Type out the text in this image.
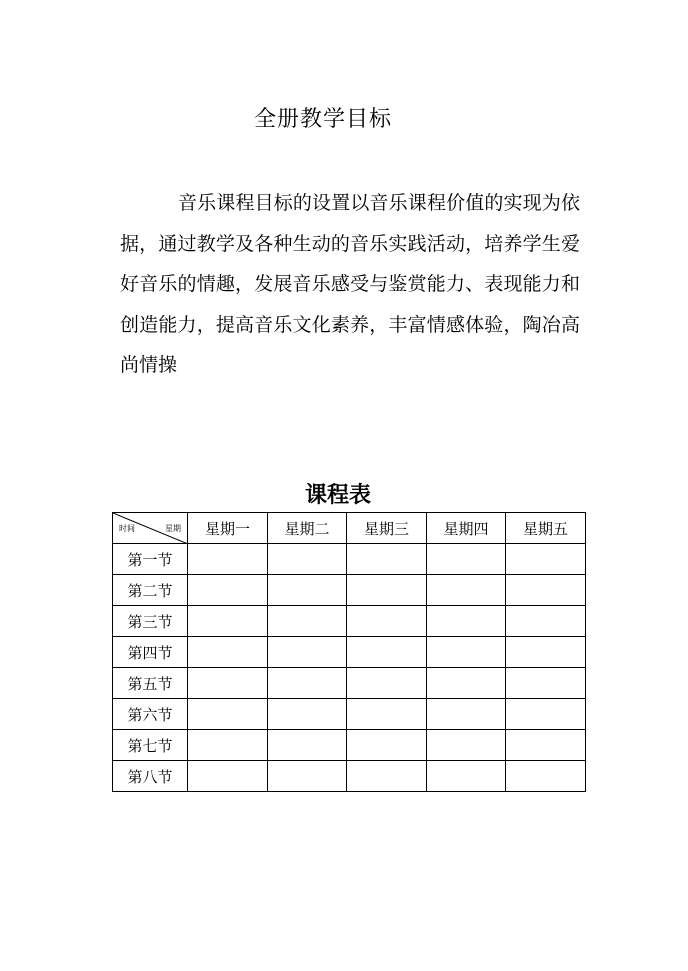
全册教学目标

音乐课程目标的设置以音乐课程价值的实现为依据，通过教学及各种生动的音乐实践活动，培养学生爱好音乐的情趣，发展音乐感受与鉴赏能力、表现能力和创造能力，提高音乐文化素养，丰富情感体验，陶冶高尚情操

课程表
时间 星期	星期一	星期二	星期三	星期四	星期五
第一节					
第二节					
第三节					
第四节					
第五节					
第六节					
第七节					
第八节					
